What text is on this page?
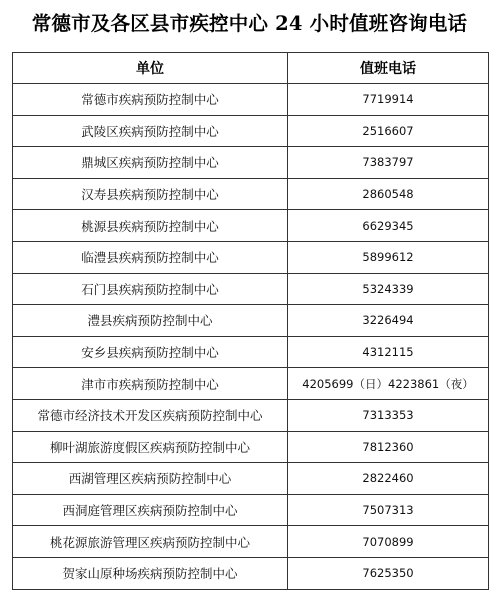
常德市及各区县市疾控中心 24 小时值班咨询电话
单位	值班电话
常德市疾病预防控制中心	7719914
武陵区疾病预防控制中心	2516607
鼎城区疾病预防控制中心	7383797
汉寿县疾病预防控制中心	2860548
桃源县疾病预防控制中心	6629345
临澧县疾病预防控制中心	5899612
石门县疾病预防控制中心	5324339
澧县疾病预防控制中心	3226494
安乡县疾病预防控制中心	4312115
津市市疾病预防控制中心	4205699（日）4223861（夜）
常德市经济技术开发区疾病预防控制中心	7313353
柳叶湖旅游度假区疾病预防控制中心	7812360
西湖管理区疾病预防控制中心	2822460
西洞庭管理区疾病预防控制中心	7507313
桃花源旅游管理区疾病预防控制中心	7070899
贺家山原种场疾病预防控制中心	7625350
